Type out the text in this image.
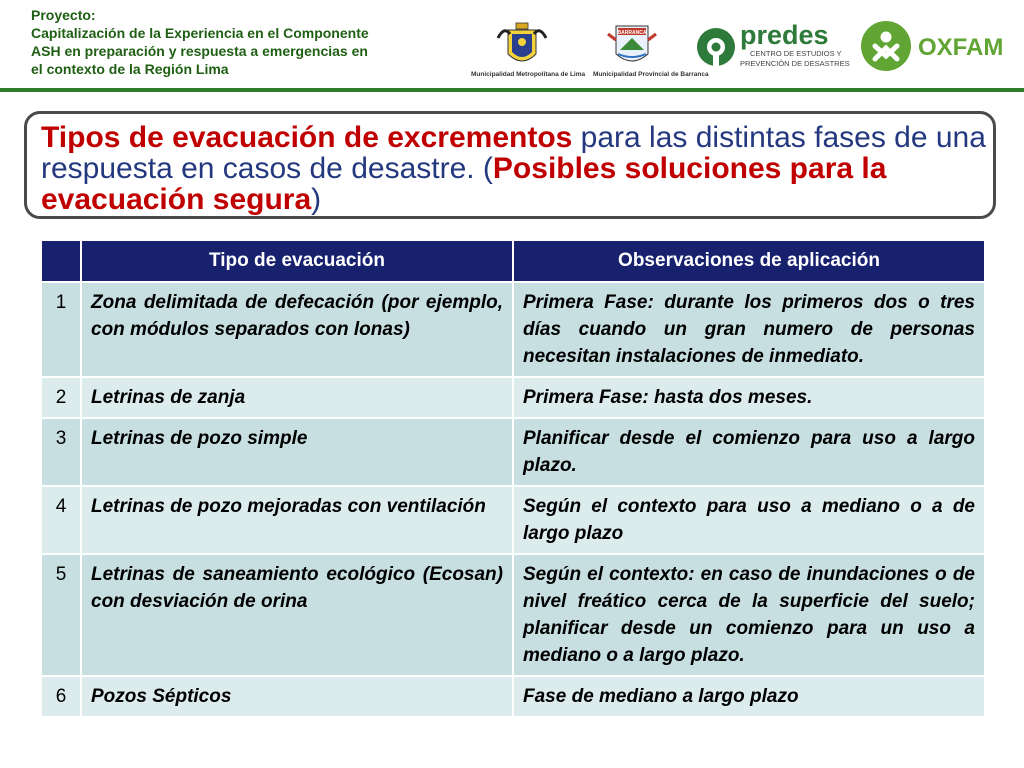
Proyecto:
Capitalización de la Experiencia en el Componente
ASH en preparación y respuesta a emergencias en
el contexto de la Región Lima	Municipalidad Metropolitana de Lima
BARRANCA
Municipalidad Provincial de Barranca
predes
CENTRO DE ESTUDIOS Y
PREVENCIÓN DE DESASTRES
OXFAM
Tipos de evacuación de excrementos para las distintas fases de una respuesta en casos de desastre. (Posibles soluciones para la evacuación segura)
	Tipo de evacuación	Observaciones de aplicación
1	Zona delimitada de defecación (por ejemplo, con módulos separados con lonas)	Primera Fase: durante los primeros dos o tres días cuando un gran numero de personas necesitan instalaciones de inmediato.
2	Letrinas de zanja	Primera Fase: hasta dos meses.
3	Letrinas de pozo simple	Planificar desde el comienzo para uso a largo plazo.
4	Letrinas de pozo mejoradas con ventilación	Según el contexto para uso a mediano o a de largo plazo
5	Letrinas de saneamiento ecológico (Ecosan) con desviación de orina	Según el contexto: en caso de inundaciones o de nivel freático cerca de la superficie del suelo; planificar desde un comienzo para un uso a mediano o a largo plazo.
6	Pozos Sépticos	Fase de mediano a largo plazo
